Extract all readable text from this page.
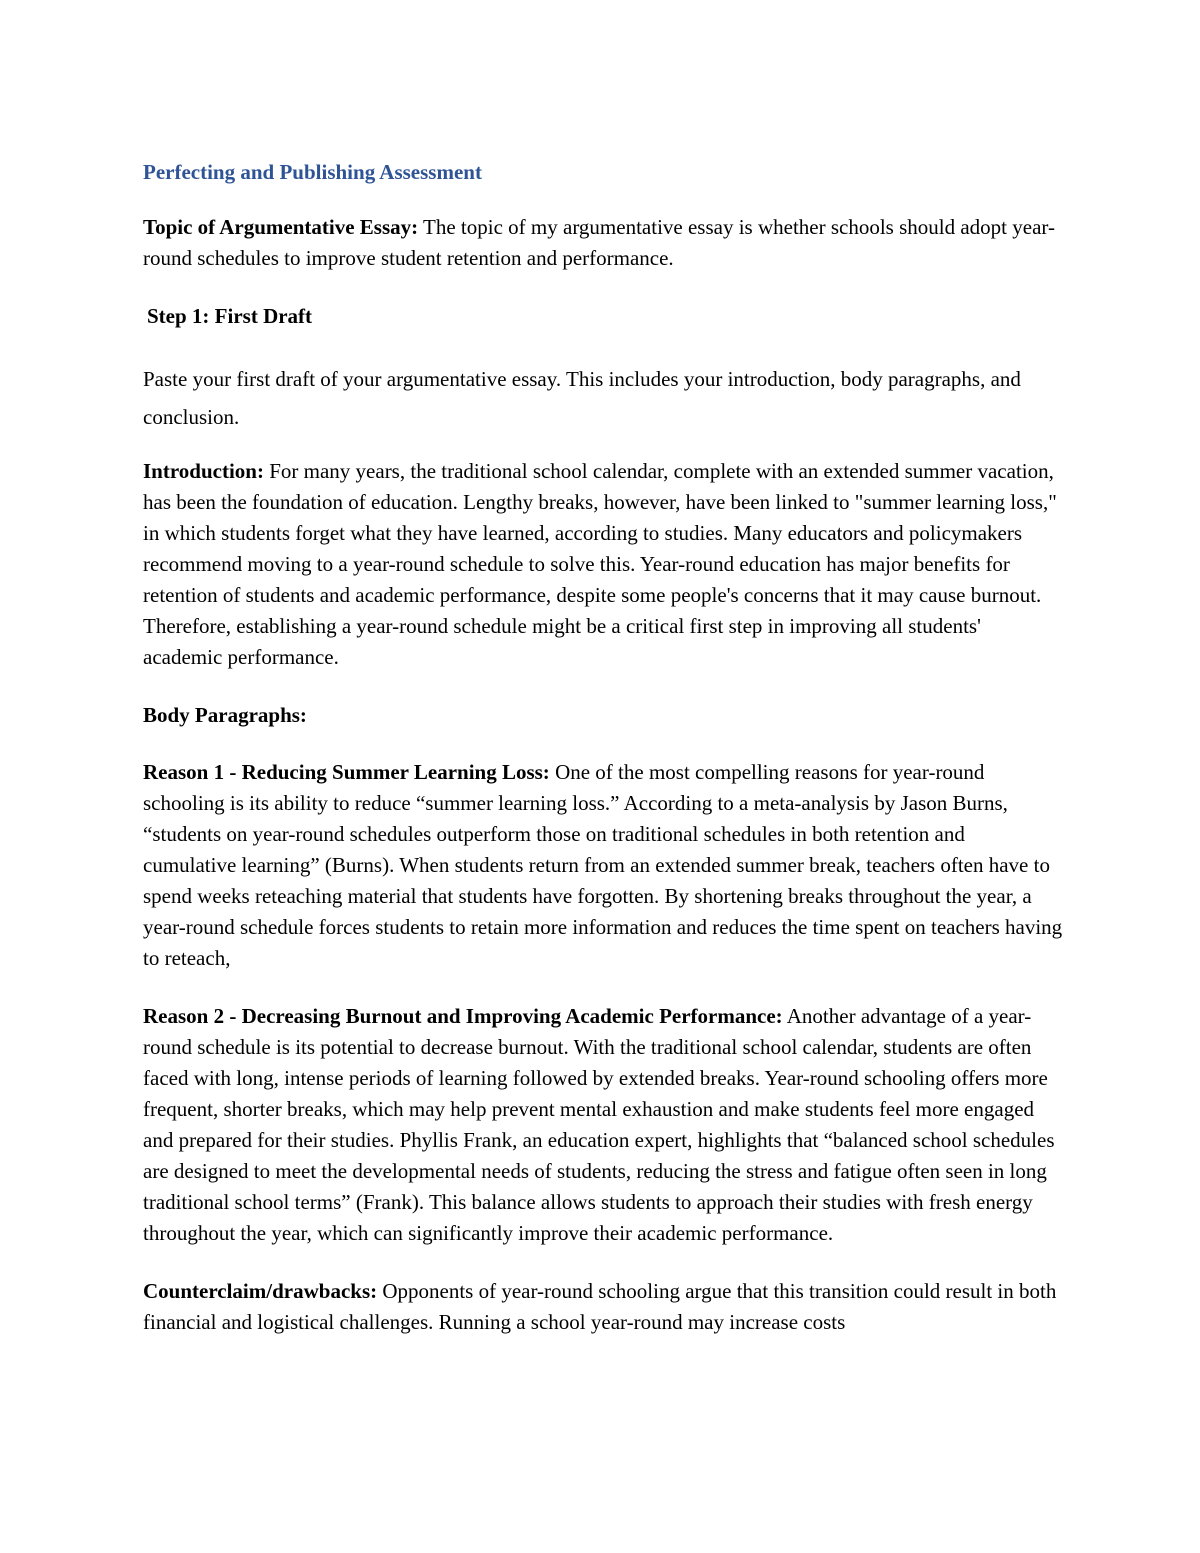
Perfecting and Publishing Assessment

Topic of Argumentative Essay: The topic of my argumentative essay is whether schools should adopt year-round schedules to improve student retention and performance.

Step 1: First Draft

Paste your first draft of your argumentative essay. This includes your introduction, body paragraphs, and conclusion.

Introduction: For many years, the traditional school calendar, complete with an extended summer vacation, has been the foundation of education. Lengthy breaks, however, have been linked to "summer learning loss," in which students forget what they have learned, according to studies. Many educators and policymakers recommend moving to a year-round schedule to solve this. Year-round education has major benefits for retention of students and academic performance, despite some people's concerns that it may cause burnout. Therefore, establishing a year-round schedule might be a critical first step in improving all students' academic performance.

Body Paragraphs:

Reason 1 - Reducing Summer Learning Loss: One of the most compelling reasons for year-round schooling is its ability to reduce “summer learning loss.” According to a meta-analysis by Jason Burns, “students on year-round schedules outperform those on traditional schedules in both retention and cumulative learning” (Burns). When students return from an extended summer break, teachers often have to spend weeks reteaching material that students have forgotten. By shortening breaks throughout the year, a year-round schedule forces students to retain more information and reduces the time spent on teachers having to reteach,

Reason 2 - Decreasing Burnout and Improving Academic Performance: Another advantage of a year-round schedule is its potential to decrease burnout. With the traditional school calendar, students are often faced with long, intense periods of learning followed by extended breaks. Year-round schooling offers more frequent, shorter breaks, which may help prevent mental exhaustion and make students feel more engaged and prepared for their studies. Phyllis Frank, an education expert, highlights that “balanced school schedules are designed to meet the developmental needs of students, reducing the stress and fatigue often seen in long traditional school terms” (Frank). This balance allows students to approach their studies with fresh energy throughout the year, which can significantly improve their academic performance.

Counterclaim/drawbacks: Opponents of year-round schooling argue that this transition could result in both financial and logistical challenges. Running a school year-round may increase costs
